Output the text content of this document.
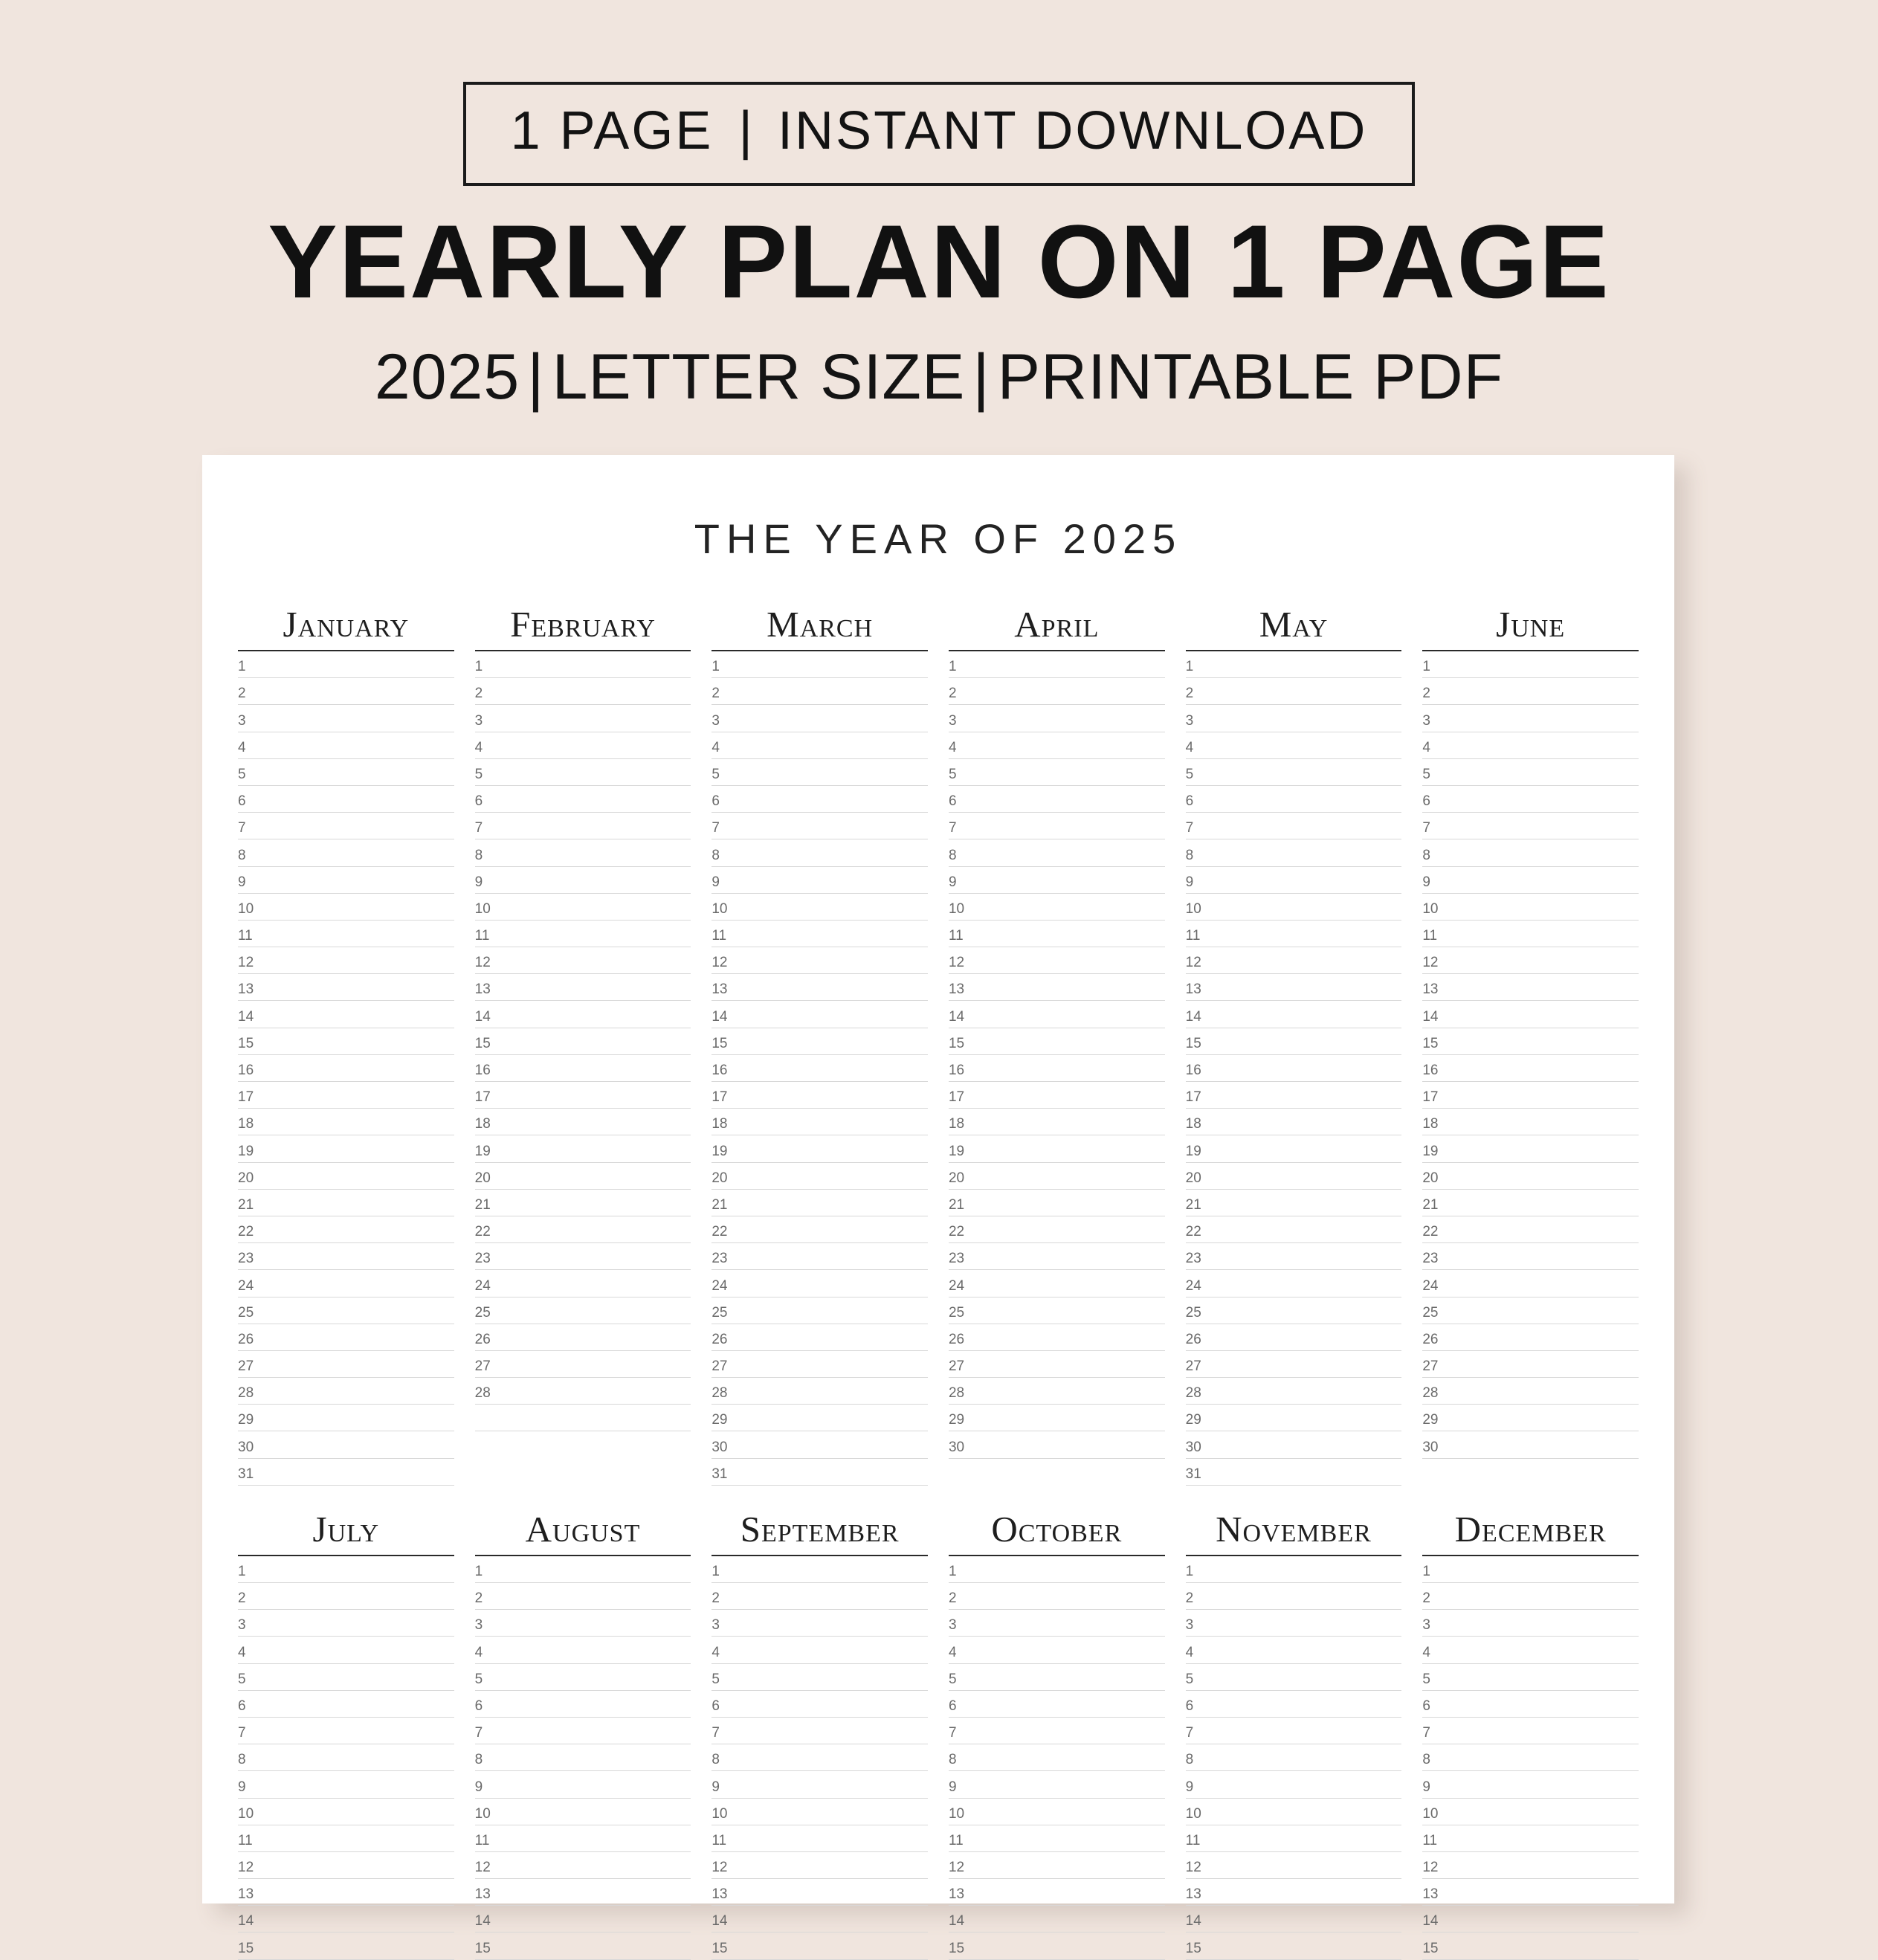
1 PAGE | INSTANT DOWNLOAD
YEARLY PLAN ON 1 PAGE
2025 | LETTER SIZE | PRINTABLE PDF
THE YEAR OF 2025
January
1
2
3
4
5
6
7
8
9
10
11
12
13
14
15
16
17
18
19
20
21
22
23
24
25
26
27
28
29
30
31
February
1
2
3
4
5
6
7
8
9
10
11
12
13
14
15
16
17
18
19
20
21
22
23
24
25
26
27
28
March
1
2
3
4
5
6
7
8
9
10
11
12
13
14
15
16
17
18
19
20
21
22
23
24
25
26
27
28
29
30
31
April
1
2
3
4
5
6
7
8
9
10
11
12
13
14
15
16
17
18
19
20
21
22
23
24
25
26
27
28
29
30
May
1
2
3
4
5
6
7
8
9
10
11
12
13
14
15
16
17
18
19
20
21
22
23
24
25
26
27
28
29
30
31
June
1
2
3
4
5
6
7
8
9
10
11
12
13
14
15
16
17
18
19
20
21
22
23
24
25
26
27
28
29
30
July
1
2
3
4
5
6
7
8
9
10
11
12
13
14
15
August
1
2
3
4
5
6
7
8
9
10
11
12
13
14
15
September
1
2
3
4
5
6
7
8
9
10
11
12
13
14
15
October
1
2
3
4
5
6
7
8
9
10
11
12
13
14
15
November
1
2
3
4
5
6
7
8
9
10
11
12
13
14
15
December
1
2
3
4
5
6
7
8
9
10
11
12
13
14
15
